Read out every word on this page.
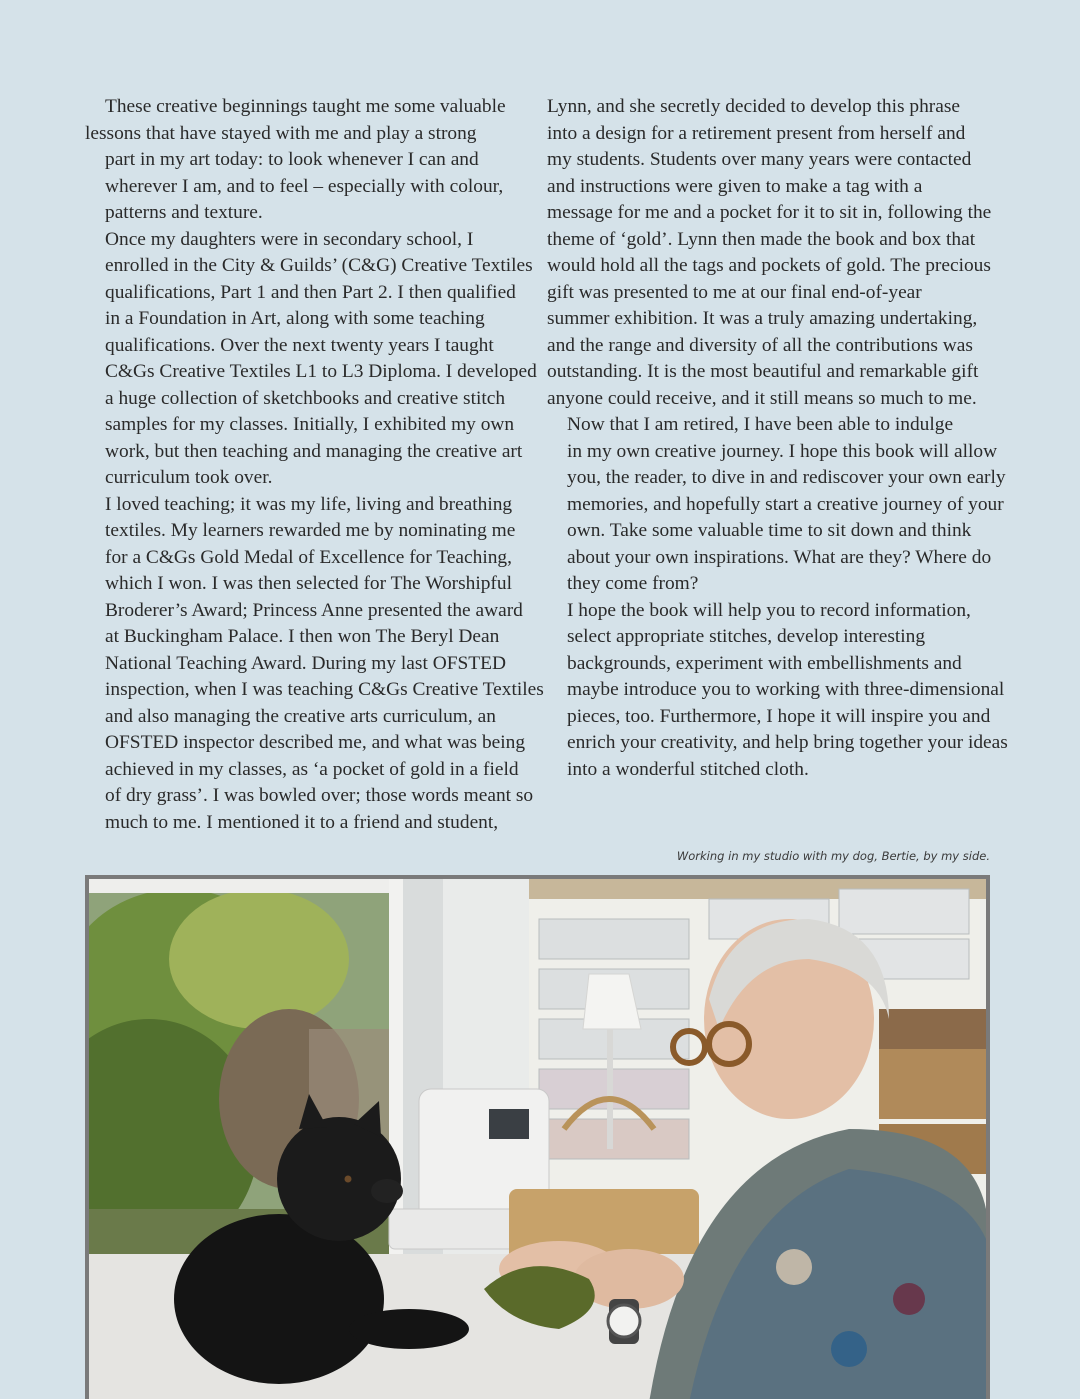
These creative beginnings taught me some valuable
lessons that have stayed with me and play a strong
part in my art today: to look whenever I can and
wherever I am, and to feel – especially with colour,
patterns and texture.

Once my daughters were in secondary school, I
enrolled in the City & Guilds’ (C&G) Creative Textiles
qualifications, Part 1 and then Part 2. I then qualified
in a Foundation in Art, along with some teaching
qualifications. Over the next twenty years I taught
C&Gs Creative Textiles L1 to L3 Diploma. I developed
a huge collection of sketchbooks and creative stitch
samples for my classes. Initially, I exhibited my own
work, but then teaching and managing the creative art
curriculum took over.

I loved teaching; it was my life, living and breathing
textiles. My learners rewarded me by nominating me
for a C&Gs Gold Medal of Excellence for Teaching,
which I won. I was then selected for The Worshipful
Broderer’s Award; Princess Anne presented the award
at Buckingham Palace. I then won The Beryl Dean
National Teaching Award. During my last OFSTED
inspection, when I was teaching C&Gs Creative Textiles
and also managing the creative arts curriculum, an
OFSTED inspector described me, and what was being
achieved in my classes, as ‘a pocket of gold in a field
of dry grass’. I was bowled over; those words meant so
much to me. I mentioned it to a friend and student,

Lynn, and she secretly decided to develop this phrase
into a design for a retirement present from herself and
my students. Students over many years were contacted
and instructions were given to make a tag with a
message for me and a pocket for it to sit in, following the
theme of ‘gold’. Lynn then made the book and box that
would hold all the tags and pockets of gold. The precious
gift was presented to me at our final end-of-year
summer exhibition. It was a truly amazing undertaking,
and the range and diversity of all the contributions was
outstanding. It is the most beautiful and remarkable gift
anyone could receive, and it still means so much to me.

Now that I am retired, I have been able to indulge
in my own creative journey. I hope this book will allow
you, the reader, to dive in and rediscover your own early
memories, and hopefully start a creative journey of your
own. Take some valuable time to sit down and think
about your own inspirations. What are they? Where do
they come from?

I hope the book will help you to record information,
select appropriate stitches, develop interesting
backgrounds, experiment with embellishments and
maybe introduce you to working with three-dimensional
pieces, too. Furthermore, I hope it will inspire you and
enrich your creativity, and help bring together your ideas
into a wonderful stitched cloth.

Working in my studio with my dog, Bertie, by my side.
